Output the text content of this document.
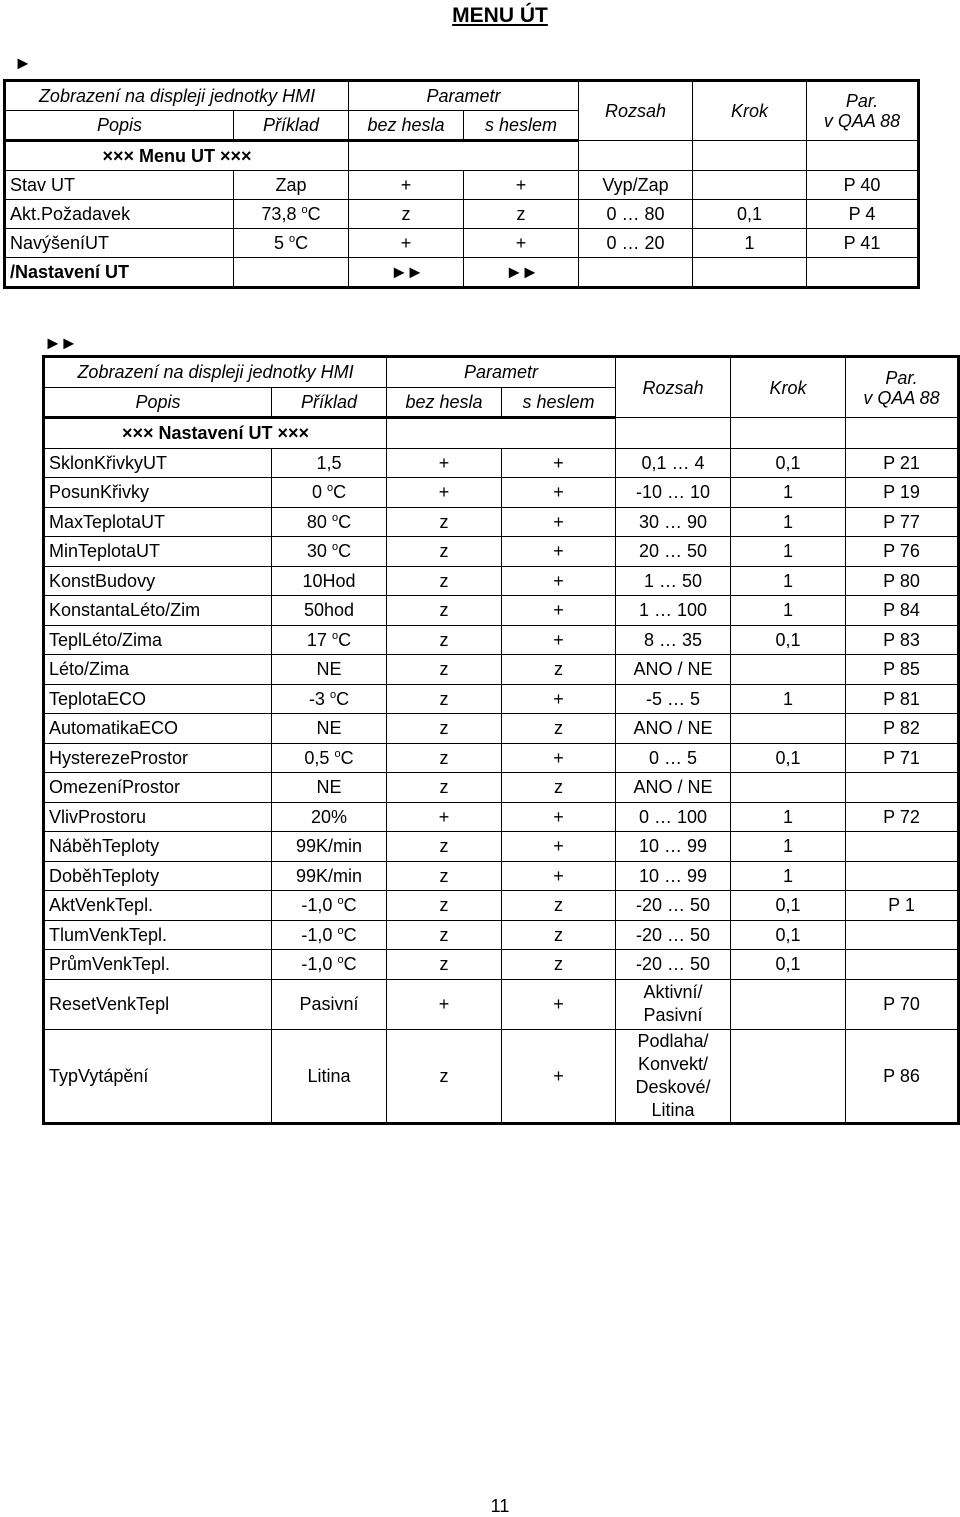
MENU ÚT
►
Zobrazení na displeji jednotky HMI		Parametr		Rozsah	Krok	Par.
v QAA 88
Popis	Příklad	bez hesla	s heslem			
××× Menu UT ×××						
Stav UT	Zap	+	+	Vyp/Zap		P 40
Akt.Požadavek	73,8 $^o$C	z	z	0 … 80	0,1	P 4
NavýšeníUT	5 $^o$C	+	+	0 … 20	1	P 41
/Nastavení UT		►►	►►			
►►
Zobrazení na displeji jednotky HMI		Parametr		Rozsah	Krok	Par.
v QAA 88
Popis	Příklad	bez hesla	s heslem			
××× Nastavení UT ×××						
SklonKřivkyUT	1,5	+	+	0,1 … 4	0,1	P 21
PosunKřivky	0 $^o$C	+	+	-10 … 10	1	P 19
MaxTeplotaUT	80 $^o$C	z	+	30 … 90	1	P 77
MinTeplotaUT	30 $^o$C	z	+	20 … 50	1	P 76
KonstBudovy	10Hod	z	+	1 … 50	1	P 80
KonstantaLéto/Zim	50hod	z	+	1 … 100	1	P 84
TeplLéto/Zima	17 $^o$C	z	+	8 … 35	0,1	P 83
Léto/Zima	NE	z	z	ANO / NE		P 85
TeplotaECO	-3 $^o$C	z	+	-5 … 5	1	P 81
AutomatikaECO	NE	z	z	ANO / NE		P 82
HysterezeProstor	0,5 $^o$C	z	+	0 … 5	0,1	P 71
OmezeníProstor	NE	z	z	ANO / NE		
VlivProstoru	20%	+	+	0 … 100	1	P 72
NáběhTeploty	99K/min	z	+	10 … 99	1	
DoběhTeploty	99K/min	z	+	10 … 99	1	
AktVenkTepl.	-1,0 $^o$C	z	z	-20 … 50	0,1	P 1
TlumVenkTepl.	-1,0 $^o$C	z	z	-20 … 50	0,1	
PrůmVenkTepl.	-1,0 $^o$C	z	z	-20 … 50	0,1	
ResetVenkTepl	Pasivní	+	+	Aktivní/
Pasivní		P 70
TypVytápění	Litina	z	+	Podlaha/
Konvekt/
Deskové/
Litina		P 86
11
